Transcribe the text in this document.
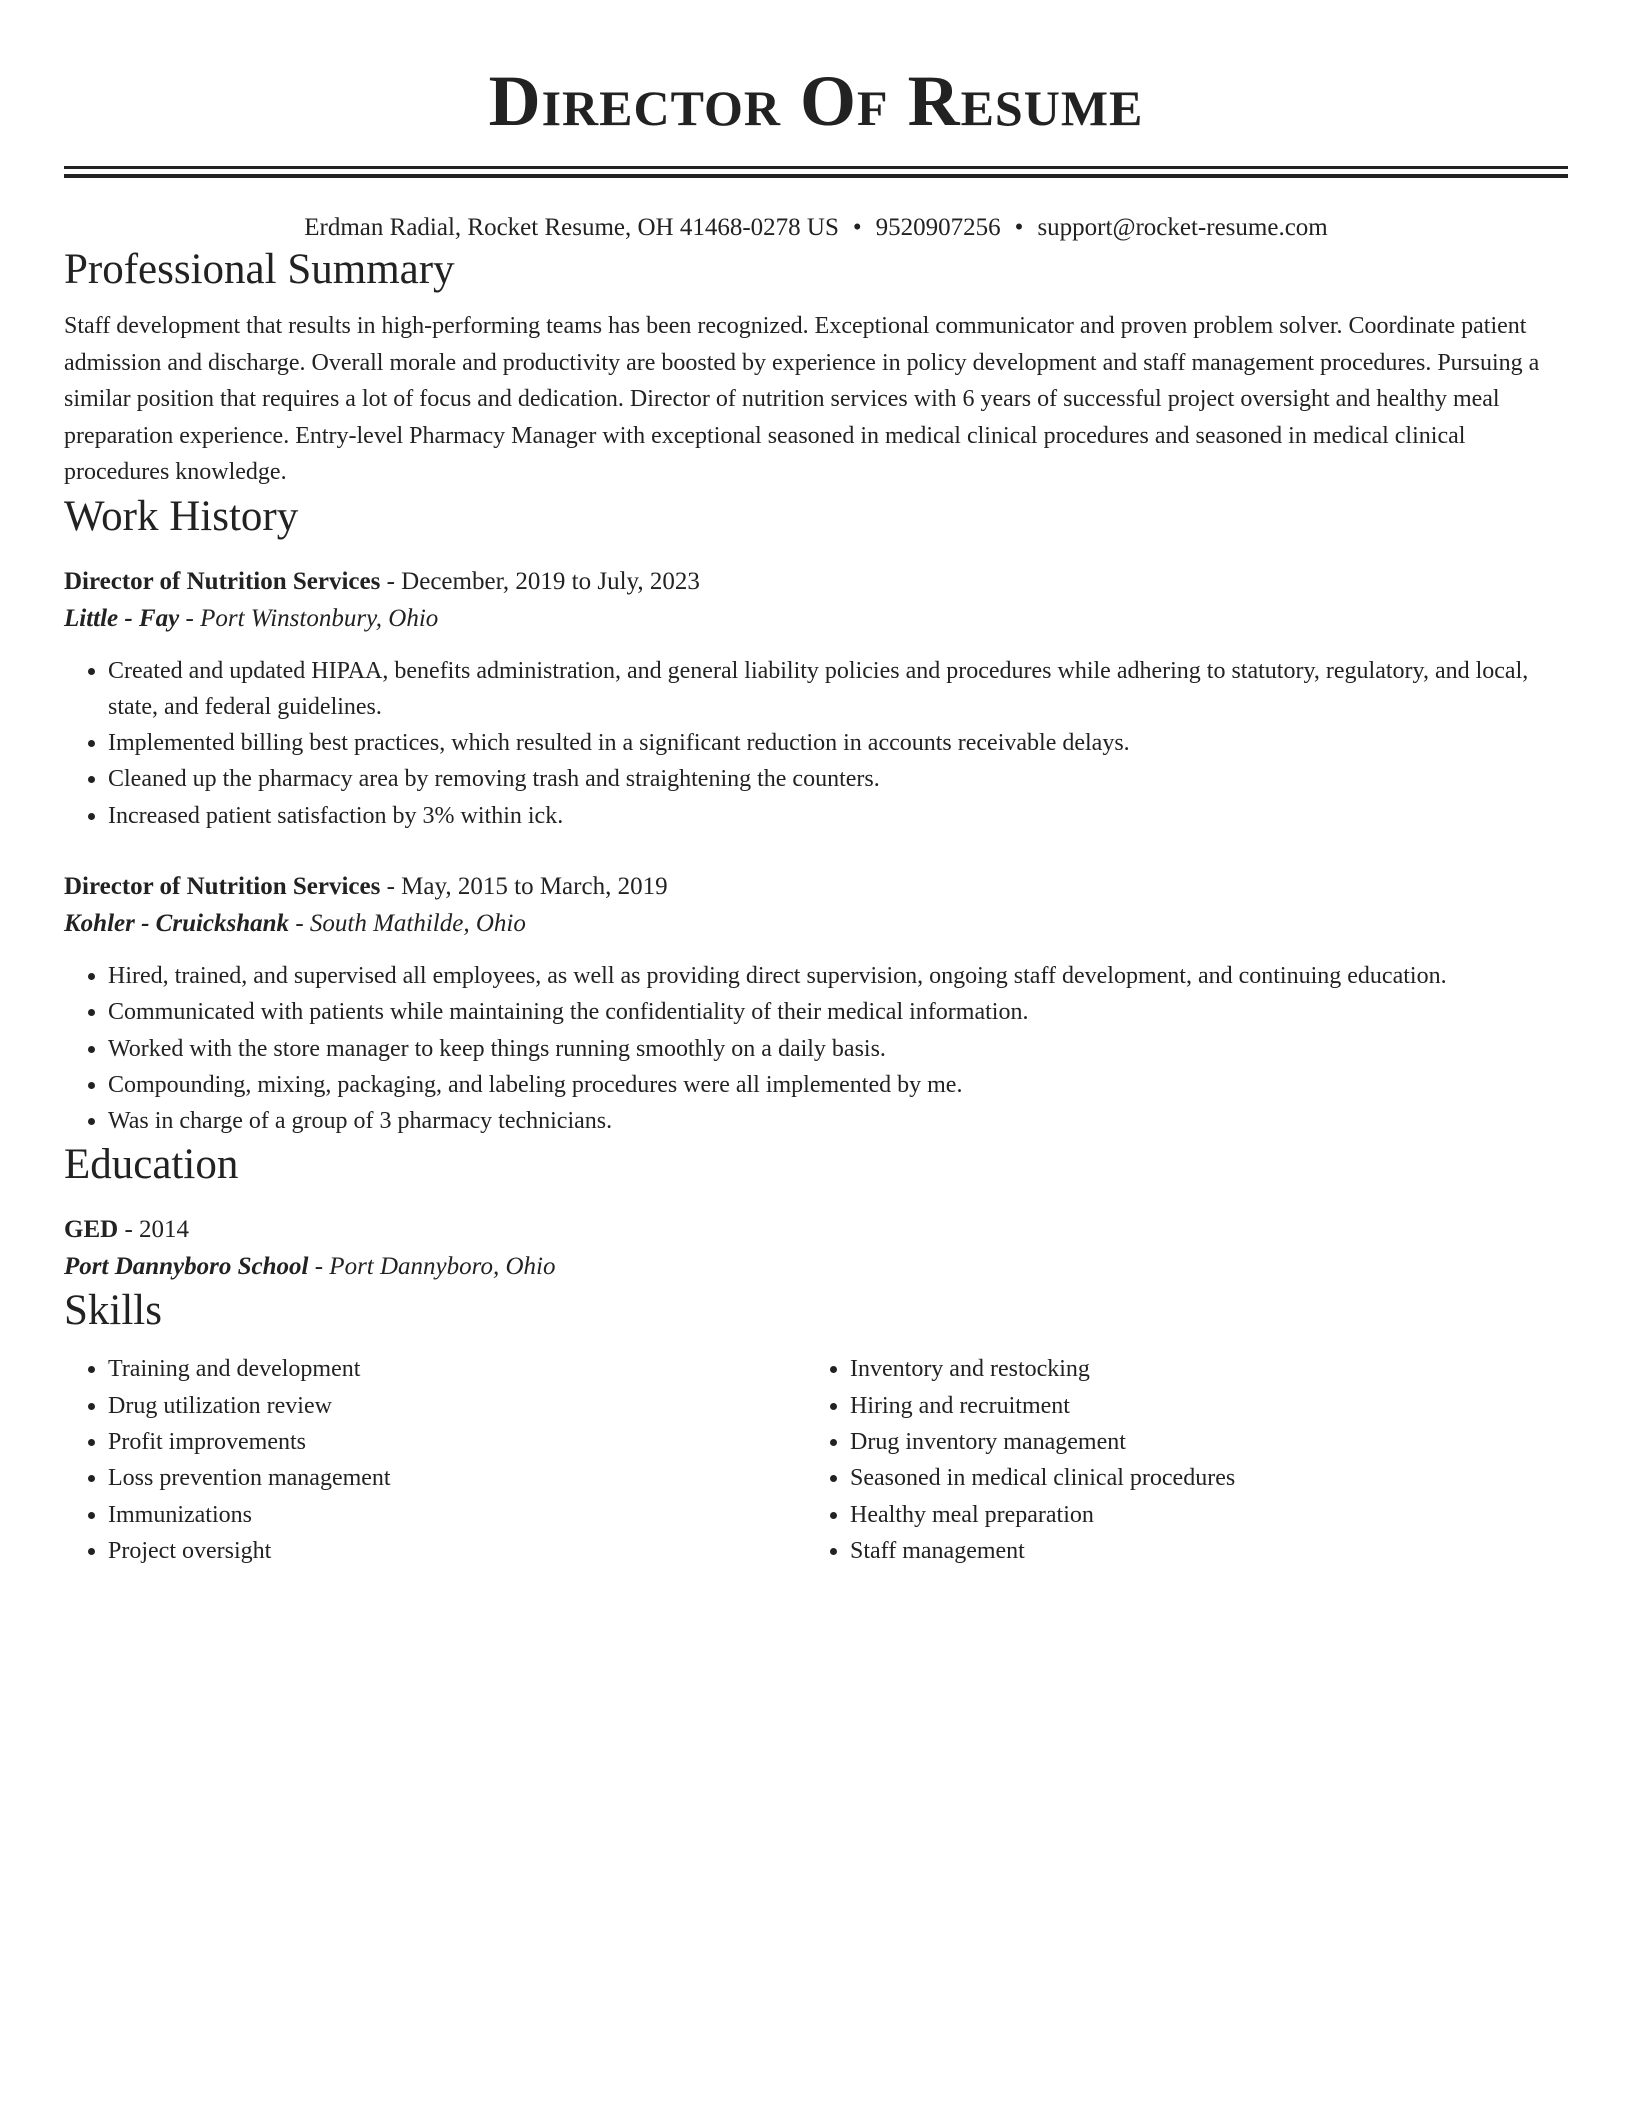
Director Of Resume
Erdman Radial, Rocket Resume, OH 41468-0278 US • 9520907256 • support@rocket-resume.com
Professional Summary

Staff development that results in high-performing teams has been recognized. Exceptional communicator and proven problem solver. Coordinate patient admission and discharge. Overall morale and productivity are boosted by experience in policy development and staff management procedures. Pursuing a similar position that requires a lot of focus and dedication. Director of nutrition services with 6 years of successful project oversight and healthy meal preparation experience. Entry-level Pharmacy Manager with exceptional seasoned in medical clinical procedures and seasoned in medical clinical procedures knowledge.

Work History
Director of Nutrition Services - December, 2019 to July, 2023
Little - Fay - Port Winstonbury, Ohio
• Created and updated HIPAA, benefits administration, and general liability policies and procedures while adhering to statutory, regulatory, and local, state, and federal guidelines.
• Implemented billing best practices, which resulted in a significant reduction in accounts receivable delays.
• Cleaned up the pharmacy area by removing trash and straightening the counters.
• Increased patient satisfaction by 3% within ick.
Director of Nutrition Services - May, 2015 to March, 2019
Kohler - Cruickshank - South Mathilde, Ohio
• Hired, trained, and supervised all employees, as well as providing direct supervision, ongoing staff development, and continuing education.
• Communicated with patients while maintaining the confidentiality of their medical information.
• Worked with the store manager to keep things running smoothly on a daily basis.
• Compounding, mixing, packaging, and labeling procedures were all implemented by me.
• Was in charge of a group of 3 pharmacy technicians.
Education
GED - 2014
Port Dannyboro School - Port Dannyboro, Ohio
Skills
• Training and development
• Drug utilization review
• Profit improvements
• Loss prevention management
• Immunizations
• Project oversight
• Inventory and restocking
• Hiring and recruitment
• Drug inventory management
• Seasoned in medical clinical procedures
• Healthy meal preparation
• Staff management
